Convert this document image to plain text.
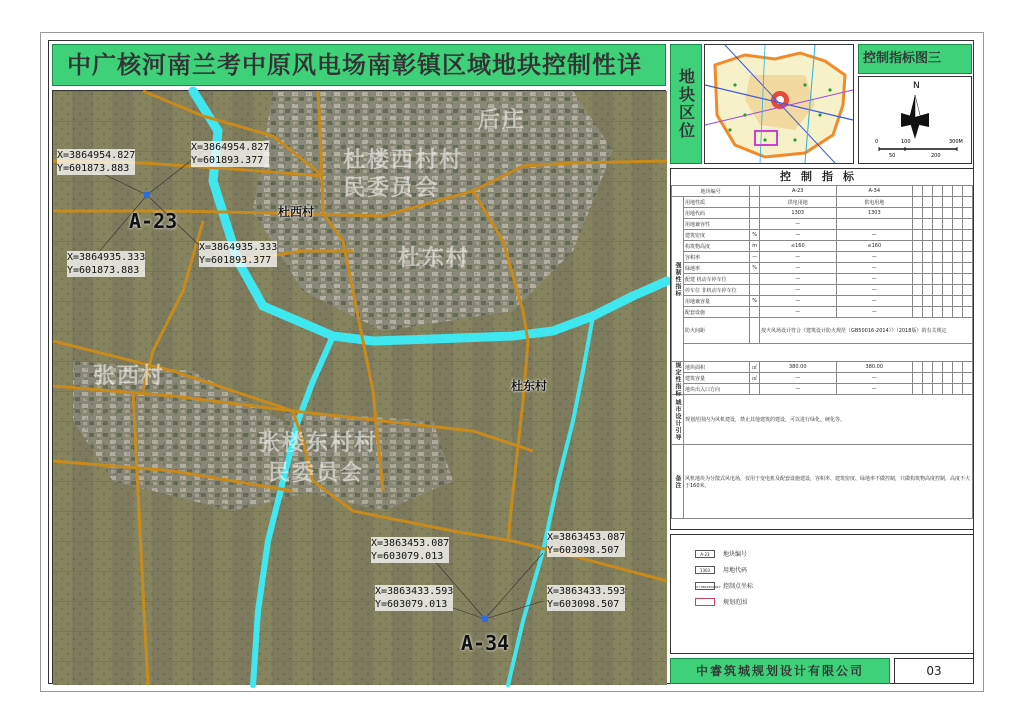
中广核河南兰考中原风电场南彰镇区域地块控制性详
后庄
杜楼西村村
民委员会
杜东村
张西村
张楼东村村
民委员会
杜西村
杜东村
X=3864954.827
Y=601873.883
X=3864954.827
Y=601893.377
X=3864935.333
Y=601873.883
X=3864935.333
Y=601893.377
A-23
X=3863453.087
Y=603079.013
X=3863453.087
Y=603098.507
X=3863433.593
Y=603079.013
X=3863433.593
Y=603098.507
A-34
地块区位
控制指标图三
N
0	100	300M
50	200
控制指标
地块编号			A-23	A-34						
强制性指标	用地性质		供电用地	供电用地						
	用地代码		1303	1303						
	用地兼容性		—							
	建筑密度	%	—	—						
	构筑物高度	m	≤160	≤160						
	容积率	—	—	—						
	绿地率	%	—	—						
	配建 机动车停车位		—	—						
	停车位 非机动车停车位		—	—						
	用地兼容量	%	—	—						
	配套设施		—	—						
	防火间距		按火风场设计符合《建筑设计防火规范（GB50016-2014）》（2018版）的有关规定							

规定性指标	地块面积	㎡	380.00	380.00						
	建筑容量	㎡	—	—						
	地块出入口方向		—	—						
城市设计引导	规划范围内为风机建设，禁止其他建筑的建设，可以进行绿化、硬化等。									
备注	风机地块为分散式风电场，仅用于变电机及配套设施建设，容积率、建筑密度、绿地率不做控制，只做构筑物高度控制，高度不大于160米。									
A-23	地块编号
1303	用地代码
X=3864954.827 控制点坐标
规划范围
中睿筑城规划设计有限公司	03
